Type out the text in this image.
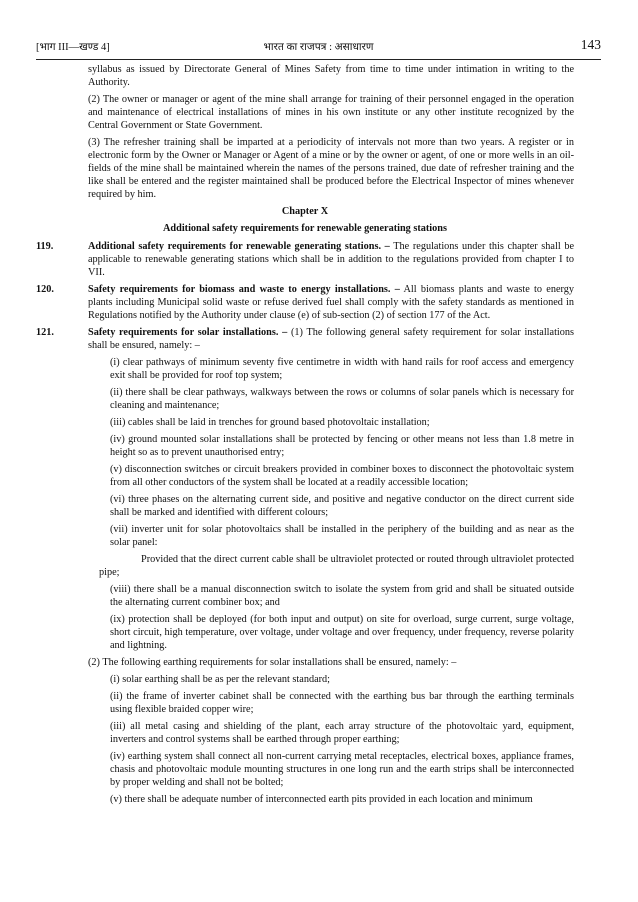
[भाग III—खण्ड 4]	भारत का राजपत्र : असाधारण	143

syllabus as issued by Directorate General of Mines Safety from time to time under intimation in writing to the Authority.

(2) The owner or manager or agent of the mine shall arrange for training of their personnel engaged in the operation and maintenance of electrical installations of mines in his own institute or any other institute recognized by the Central Government or State Government.

(3) The refresher training shall be imparted at a periodicity of intervals not more than two years. A register or in electronic form by the Owner or Manager or Agent of a mine or by the owner or agent, of one or more wells in an oil-fields of the mine shall be maintained wherein the names of the persons trained, due date of refresher training and the like shall be entered and the register maintained shall be produced before the Electrical Inspector of mines whenever required by him.

Chapter X

Additional safety requirements for renewable generating stations

119.	Additional safety requirements for renewable generating stations. – The regulations under this chapter shall be applicable to renewable generating stations which shall be in addition to the regulations provided from chapter I to VII.
120.	Safety requirements for biomass and waste to energy installations. – All biomass plants and waste to energy plants including Municipal solid waste or refuse derived fuel shall comply with the safety standards as mentioned in Regulations notified by the Authority under clause (e) of sub-section (2) of section 177 of the Act.
121.	Safety requirements for solar installations. – (1) The following general safety requirement for solar installations shall be ensured, namely: –

(i) clear pathways of minimum seventy five centimetre in width with hand rails for roof access and emergency exit shall be provided for roof top system;

(ii) there shall be clear pathways, walkways between the rows or columns of solar panels which is necessary for cleaning and maintenance;

(iii) cables shall be laid in trenches for ground based photovoltaic installation;

(iv) ground mounted solar installations shall be protected by fencing or other means not less than 1.8 metre in height so as to prevent unauthorised entry;

(v) disconnection switches or circuit breakers provided in combiner boxes to disconnect the photovoltaic system from all other conductors of the system shall be located at a readily accessible location;

(vi) three phases on the alternating current side, and positive and negative conductor on the direct current side shall be marked and identified with different colours;

(vii) inverter unit for solar photovoltaics shall be installed in the periphery of the building and as near as the solar panel:

Provided that the direct current cable shall be ultraviolet protected or routed through ultraviolet protected pipe;

(viii) there shall be a manual disconnection switch to isolate the system from grid and shall be situated outside the alternating current combiner box; and

(ix) protection shall be deployed (for both input and output) on site for overload, surge current, surge voltage, short circuit, high temperature, over voltage, under voltage and over frequency, under frequency, reverse polarity and lightning.

(2) The following earthing requirements for solar installations shall be ensured, namely: –

(i) solar earthing shall be as per the relevant standard;

(ii) the frame of inverter cabinet shall be connected with the earthing bus bar through the earthing terminals using flexible braided copper wire;

(iii) all metal casing and shielding of the plant, each array structure of the photovoltaic yard, equipment, inverters and control systems shall be earthed through proper earthing;

(iv) earthing system shall connect all non-current carrying metal receptacles, electrical boxes, appliance frames, chasis and photovoltaic module mounting structures in one long run and the earth strips shall be interconnected by proper welding and shall not be bolted;

(v) there shall be adequate number of interconnected earth pits provided in each location and minimum
